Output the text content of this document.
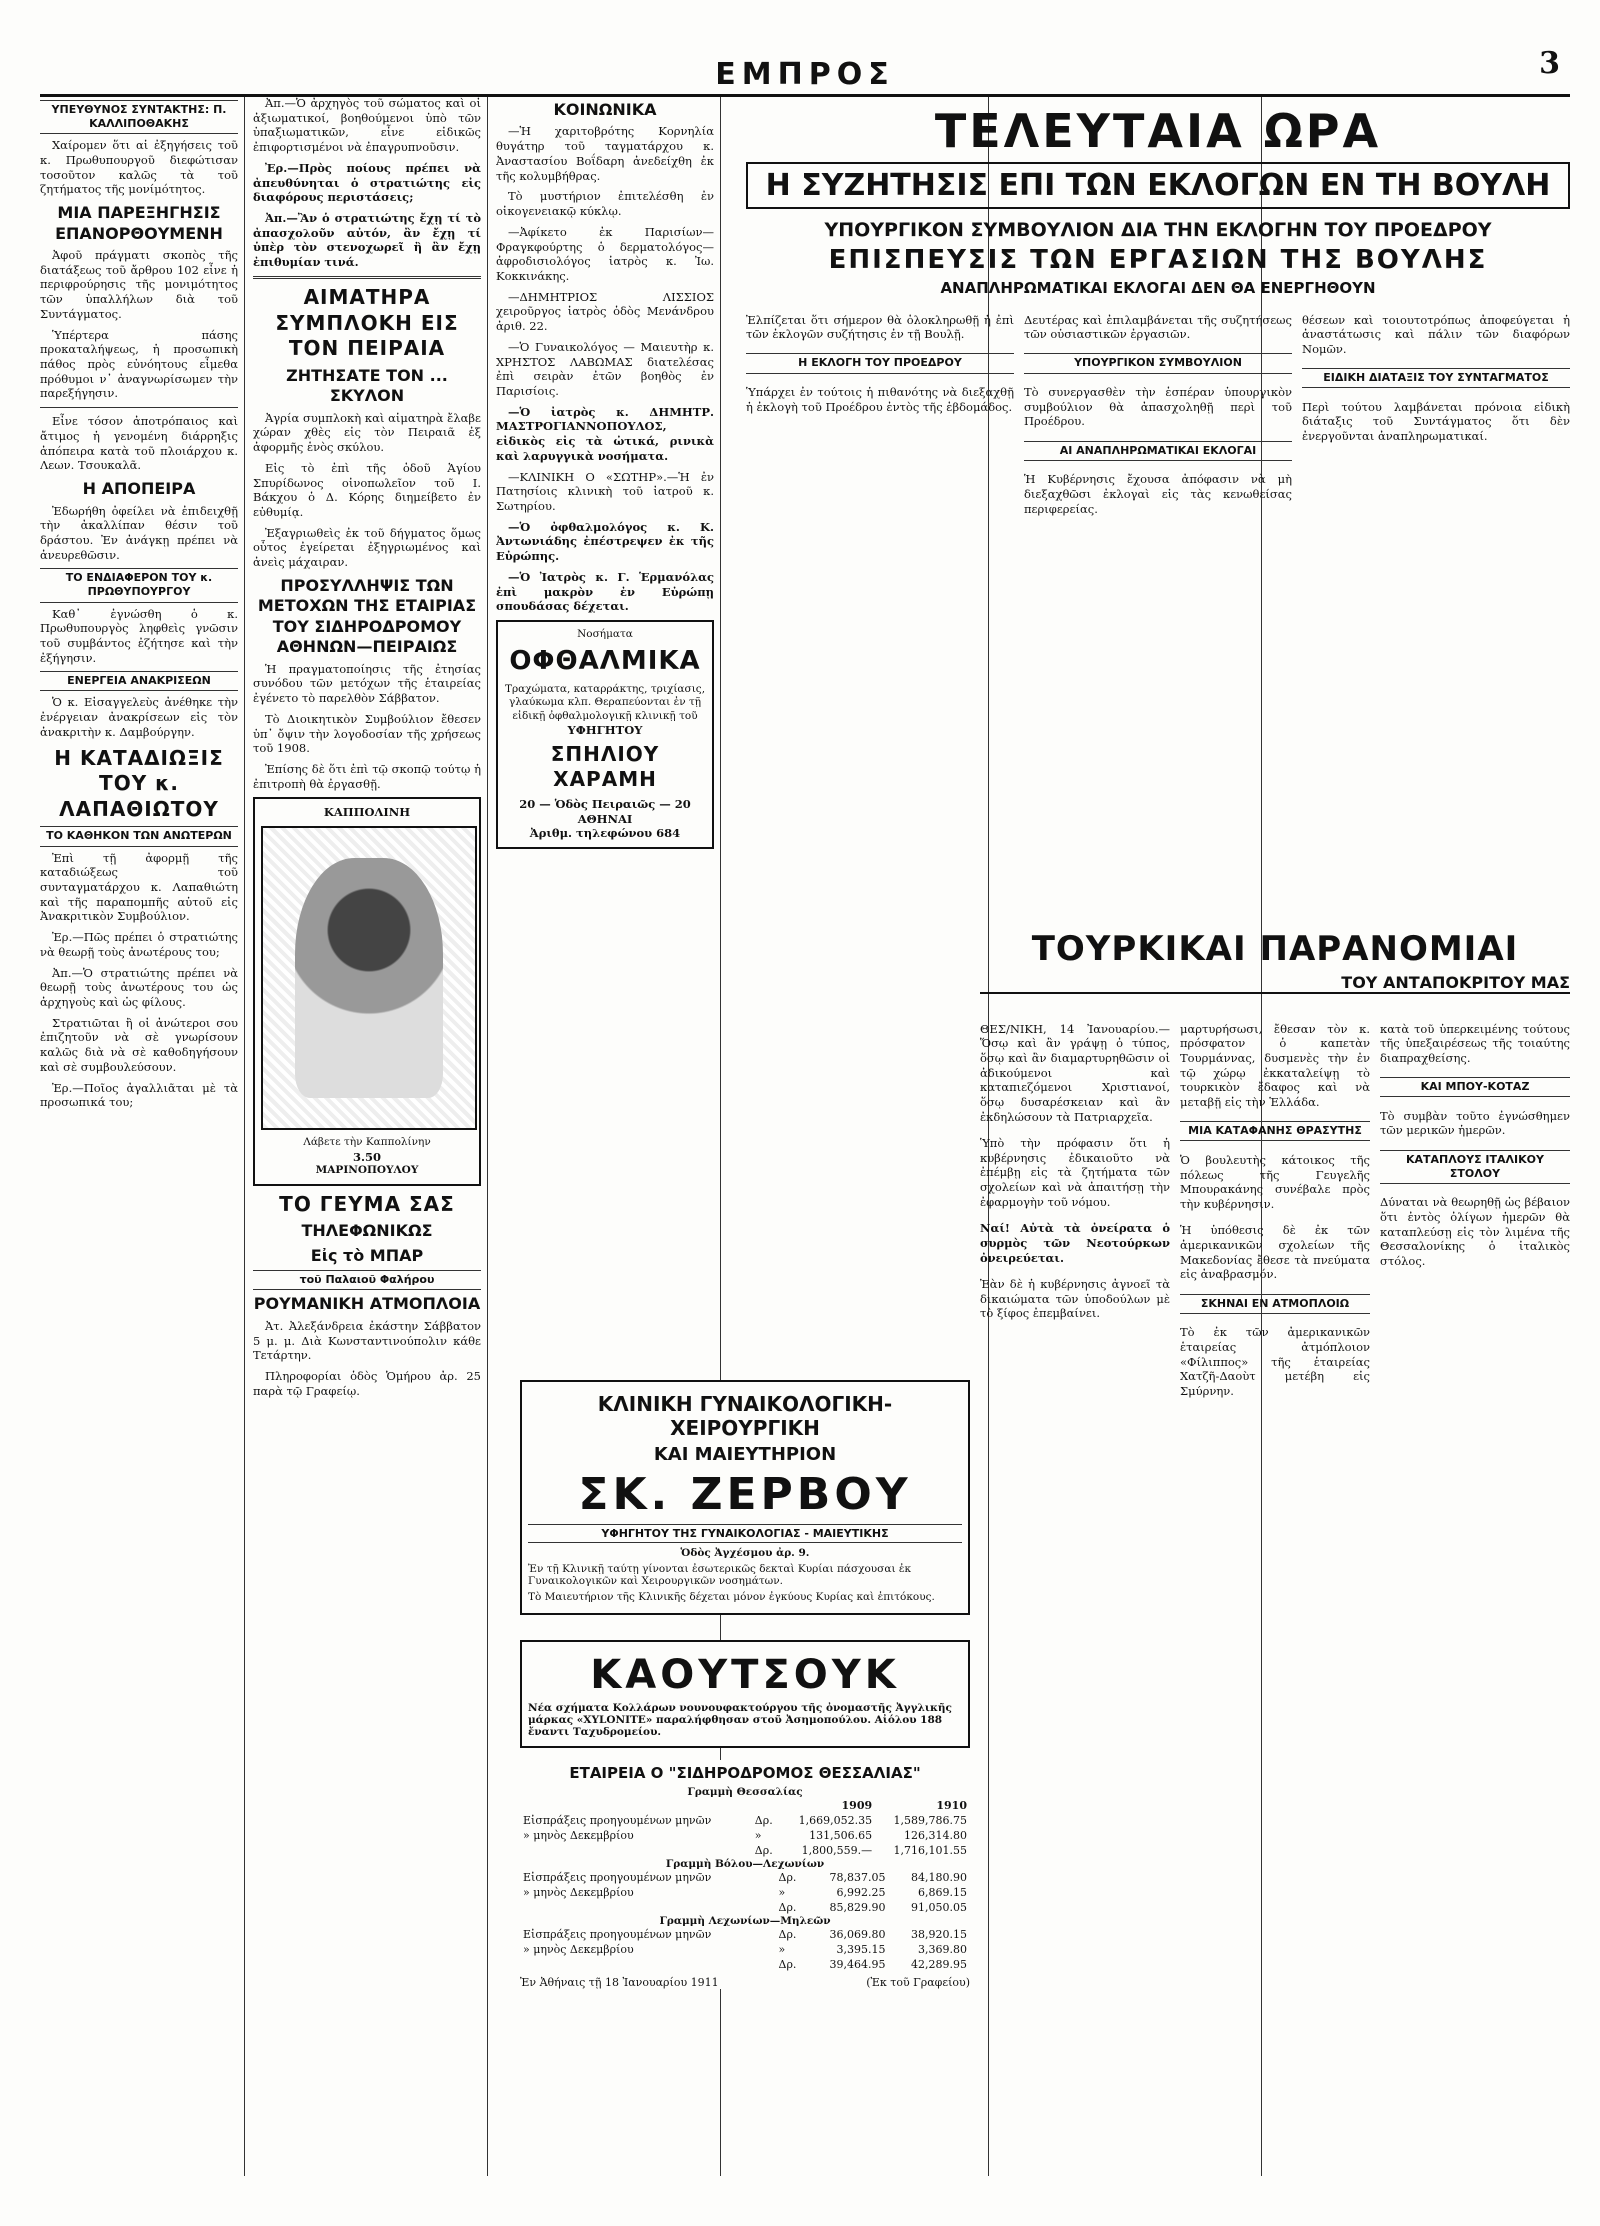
ΕΜΠΡΟΣ	3
ΥΠΕΥΘΥΝΟΣ ΣΥΝΤΑΚΤΗΣ: Π. ΚΑΛΛΙΠΟΘΑΚΗΣ

Χαίρομεν ὅτι αἱ ἐξηγήσεις τοῦ κ. Πρωθυπουργοῦ διεφώτισαν τοσοῦτον καλῶς τὰ τοῦ ζητήματος τῆς μονίμότητος.

ΜΙΑ ΠΑΡΕΞΗΓΗΣΙΣ ΕΠΑΝΟΡΘΟΥΜΕΝΗ

Ἀφοῦ πράγματι σκοπὸς τῆς διατάξεως τοῦ ἄρθρου 102 εἶνε ἡ περιφρούρησις τῆς μονιμότητος τῶν ὑπαλλήλων διὰ τοῦ Συντάγματος.

Ὑπέρτερα πάσης προκαταλήψεως, ἡ προσωπικὴ πάθος πρὸς εὐνόητους εἶμεθα πρόθυμοι ν᾽ ἀναγνωρίσωμεν τὴν παρεξήγησιν.

Εἶνε τόσον ἀποτρόπαιος καὶ ἄτιμος ἡ γενομένη διάρρηξις ἀπόπειρα κατὰ τοῦ πλοιάρχου κ. Λεων. Τσουκαλᾶ.

Η ΑΠΟΠΕΙΡΑ

Ἐδωρήθη ὀφείλει νὰ ἐπιδειχθῇ τὴν ἀκαλλίπαν θέσιν τοῦ δράστου. Ἐν ἀνάγκῃ πρέπει νὰ ἀνευρεθῶσιν.

ΤΟ ΕΝΔΙΑΦΕΡΟΝ ΤΟΥ κ. ΠΡΩΘΥΠΟΥΡΓΟΥ

Καθ᾽ ἐγνώσθη ὁ κ. Πρωθυπουργὸς ληφθεὶς γνῶσιν τοῦ συμβάντος ἐζήτησε καὶ τὴν ἐξήγησιν.

ΕΝΕΡΓΕΙΑ ΑΝΑΚΡΙΣΕΩΝ

Ὁ κ. Εἰσαγγελεὺς ἀνέθηκε τὴν ἐνέργειαν ἀνακρίσεων εἰς τὸν ἀνακριτὴν κ. Δαμβούργην.

Η ΚΑΤΑΔΙΩΞΙΣ ΤΟΥ κ. ΛΑΠΑΘΙΩΤΟΥ
ΤΟ ΚΑΘΗΚΟΝ ΤΩΝ ΑΝΩΤΕΡΩΝ

Ἐπὶ τῇ ἀφορμῇ τῆς καταδιώξεως τοῦ συνταγματάρχου κ. Λαπαθιώτη καὶ τῆς παραπομπῆς αὐτοῦ εἰς Ἀνακριτικὸν Συμβούλιον.

Ἐρ.—Πῶς πρέπει ὁ στρατιώτης νὰ θεωρῇ τοὺς ἀνωτέρους του;

Ἀπ.—Ὁ στρατιώτης πρέπει νὰ θεωρῇ τοὺς ἀνωτέρους του ὡς ἀρχηγοὺς καὶ ὡς φίλους.

Στρατιῶται ἢ οἱ ἀνώτεροι σου ἐπιζητοῦν νὰ σὲ γνωρίσουν καλῶς διὰ νὰ σὲ καθοδηγήσουν καὶ σὲ συμβουλεύσουν.

Ἐρ.—Ποῖος ἀγαλλιᾶται μὲ τὰ προσωπικά του;

Ἀπ.—Ὁ ἀρχηγὸς τοῦ σώματος καὶ οἱ ἀξιωματικοί, βοηθούμενοι ὑπὸ τῶν ὑπαξιωματικῶν, εἶνε εἰδικῶς ἐπιφορτισμένοι νὰ ἐπαγρυπνοῦσιν.

Ἐρ.—Πρὸς ποίους πρέπει νὰ ἀπευθύνηται ὁ στρατιώτης εἰς διαφόρους περιστάσεις;

Ἀπ.—Ἂν ὁ στρατιώτης ἔχῃ τί τὸ ἀπασχολοῦν αὐτόν, ἂν ἔχῃ τί ὑπὲρ τὸν στενοχωρεῖ ἢ ἂν ἔχῃ ἐπιθυμίαν τινά.

ΑΙΜΑΤΗΡΑ ΣΥΜΠΛΟΚΗ ΕΙΣ ΤΟΝ ΠΕΙΡΑΙΑ
ΖΗΤΗΣΑΤΕ ΤΟΝ ... ΣΚΥΛΟΝ

Ἀγρία συμπλοκὴ καὶ αἱματηρὰ ἔλαβε χώραν χθὲς εἰς τὸν Πειραιᾶ ἐξ ἀφορμῆς ἑνὸς σκύλου.

Εἰς τὸ ἐπὶ τῆς ὁδοῦ Ἁγίου Σπυρίδωνος οἰνοπωλεῖον τοῦ Ι. Βάκχου ὁ Δ. Κόρης διημείβετο ἐν εὐθυμίᾳ.

Ἐξαγριωθεὶς ἐκ τοῦ δήγματος ὅμως οὗτος ἐγείρεται ἐξηγριωμένος καὶ ἀνεὶς μάχαιραν.

ΠΡΟΣΥΛΛΗΨΙΣ ΤΩΝ ΜΕΤΟΧΩΝ ΤΗΣ ΕΤΑΙΡΙΑΣ ΤΟΥ ΣΙΔΗΡΟΔΡΟΜΟΥ ΑΘΗΝΩΝ—ΠΕΙΡΑΙΩΣ

Ἡ πραγματοποίησις τῆς ἐτησίας συνόδου τῶν μετόχων τῆς ἑταιρείας ἐγένετο τὸ παρελθὸν Σάββατον.

Τὸ Διοικητικὸν Συμβούλιον ἔθεσεν ὑπ᾽ ὄψιν τὴν λογοδοσίαν τῆς χρήσεως τοῦ 1908.

Ἐπίσης δὲ ὅτι ἐπὶ τῷ σκοπῷ τούτῳ ἡ ἐπιτροπὴ θὰ ἐργασθῇ.

ΚΑΠΠΟΛΙΝΗ
Λάβετε τὴν Καππολίνην
3.50
ΜΑΡΙΝΟΠΟΥΛΟΥ
ΤΟ ΓΕΥΜΑ ΣΑΣ
ΤΗΛΕΦΩΝΙΚΩΣ
Εἰς τὸ ΜΠΑΡ
τοῦ Παλαιοῦ Φαλήρου
ΡΟΥΜΑΝΙΚΗ ΑΤΜΟΠΛΟΙΑ

Ἀτ. Ἀλεξάνδρεια ἐκάστην Σάββατον 5 μ. μ. Διὰ Κωνσταντινούπολιν κάθε Τετάρτην.

Πληροφορίαι ὁδὸς Ὁμήρου ἀρ. 25 παρὰ τῷ Γραφείῳ.

ΚΟΙΝΩΝΙΚΑ

—Ἡ χαριτοβρότης Κορνηλία θυγάτηρ τοῦ ταγματάρχου κ. Ἀναστασίου Βοΐδαρη ἀνεδείχθη ἐκ τῆς κολυμβήθρας.

Τὸ μυστήριον ἐπιτελέσθη ἐν οἰκογενειακῷ κύκλῳ.

—Ἀφίκετο ἐκ Παρισίων—Φραγκφούρτης ὁ δερματολόγος—ἀφροδισιολόγος ἰατρὸς κ. Ἰω. Κοκκινάκης.

—ΔΗΜΗΤΡΙΟΣ ΛΙΣΣΙΟΣ χειροῦργος ἰατρὸς ὁδὸς Μενάνδρου ἀριθ. 22.

—Ὁ Γυναικολόγος — Μαιευτὴρ κ. ΧΡΗΣΤΟΣ ΛΑΒΩΜΑΣ διατελέσας ἐπὶ σειρὰν ἐτῶν βοηθὸς ἐν Παρισίοις.

—Ὁ ἰατρὸς κ. ΔΗΜΗΤΡ. ΜΑΣΤΡΟΓΙΑΝΝΟΠΟΥΛΟΣ, εἰδικὸς εἰς τὰ ὠτικά, ρινικὰ καὶ λαρυγγικὰ νοσήματα.

—ΚΛΙΝΙΚΗ Ο «ΣΩΤΗΡ».—Ἡ ἐν Πατησίοις κλινικὴ τοῦ ἰατροῦ κ. Σωτηρίου.

—Ὁ ὀφθαλμολόγος κ. Κ. Ἀντωνιάδης ἐπέστρεψεν ἐκ τῆς Εὐρώπης.

—Ὁ Ἰατρὸς κ. Γ. Ἑρμανόλας ἐπὶ μακρὸν ἐν Εὐρώπῃ σπουδάσας δέχεται.

Νοσήματα
ΟΦΘΑΛΜΙΚΑ
Τραχώματα, καταρράκτης, τριχίασις, γλαύκωμα κλπ. Θεραπεύονται ἐν τῇ εἰδικῇ ὀφθαλμολογικῇ κλινικῇ τοῦ
ΥΦΗΓΗΤΟΥ
ΣΠΗΛΙΟΥ ΧΑΡΑΜΗ
20 — Ὁδὸς Πειραιῶς — 20
ΑΘΗΝΑΙ
Ἀριθμ. τηλεφώνου 684
ΤΕΛΕΥΤΑΙΑ ΩΡΑ
Η ΣΥΖΗΤΗΣΙΣ ΕΠΙ ΤΩΝ ΕΚΛΟΓΩΝ ΕΝ ΤΗ ΒΟΥΛΗ
ΥΠΟΥΡΓΙΚΟΝ ΣΥΜΒΟΥΛΙΟΝ ΔΙΑ ΤΗΝ ΕΚΛΟΓΗΝ ΤΟΥ ΠΡΟΕΔΡΟΥ
ΕΠΙΣΠΕΥΣΙΣ ΤΩΝ ΕΡΓΑΣΙΩΝ ΤΗΣ ΒΟΥΛΗΣ
ΑΝΑΠΛΗΡΩΜΑΤΙΚΑΙ ΕΚΛΟΓΑΙ ΔΕΝ ΘΑ ΕΝΕΡΓΗΘΟΥΝ

Ἐλπίζεται ὅτι σήμερον θὰ ὁλοκληρωθῇ ἡ ἐπὶ τῶν ἐκλογῶν συζήτησις ἐν τῇ Βουλῇ.

Η ΕΚΛΟΓΗ ΤΟΥ ΠΡΟΕΔΡΟΥ

Ὑπάρχει ἐν τούτοις ἡ πιθανότης νὰ διεξαχθῇ ἡ ἐκλογὴ τοῦ Προέδρου ἐντὸς τῆς ἑβδομάδος.

Δευτέρας καὶ ἐπιλαμβάνεται τῆς συζητήσεως τῶν οὐσιαστικῶν ἐργασιῶν.

ΥΠΟΥΡΓΙΚΟΝ ΣΥΜΒΟΥΛΙΟΝ

Τὸ συνεργασθὲν τὴν ἑσπέραν ὑπουργικὸν συμβούλιον θὰ ἀπασχοληθῇ περὶ τοῦ Προέδρου.

ΑΙ ΑΝΑΠΛΗΡΩΜΑΤΙΚΑΙ ΕΚΛΟΓΑΙ

Ἡ Κυβέρνησις ἔχουσα ἀπόφασιν νὰ μὴ διεξαχθῶσι ἐκλογαὶ εἰς τὰς κενωθείσας περιφερείας.

θέσεων καὶ τοιουτοτρόπως ἀποφεύγεται ἡ ἀναστάτωσις καὶ πάλιν τῶν διαφόρων Νομῶν.

ΕΙΔΙΚΗ ΔΙΑΤΑΞΙΣ ΤΟΥ ΣΥΝΤΑΓΜΑΤΟΣ

Περὶ τούτου λαμβάνεται πρόνοια εἰδικὴ διάταξις τοῦ Συντάγματος ὅτι δὲν ἐνεργοῦνται ἀναπληρωματικαί.

ΤΟΥΡΚΙΚΑΙ ΠΑΡΑΝΟΜΙΑΙ
ΤΟΥ ΑΝΤΑΠΟΚΡΙΤΟΥ ΜΑΣ

ΘΕΣ/ΝΙΚΗ, 14 Ἰανουαρίου.—Ὅσῳ καὶ ἂν γράψῃ ὁ τύπος, ὅσῳ καὶ ἂν διαμαρτυρηθῶσιν οἱ ἀδικούμενοι καὶ καταπιεζόμενοι Χριστιανοί, ὅσῳ δυσαρέσκειαν καὶ ἂν ἐκδηλώσουν τὰ Πατριαρχεῖα.

Ὑπὸ τὴν πρόφασιν ὅτι ἡ κυβέρνησις ἐδικαιοῦτο νὰ ἐπέμβῃ εἰς τὰ ζητήματα τῶν σχολείων καὶ νὰ ἀπαιτήσῃ τὴν ἐφαρμογὴν τοῦ νόμου.

Ναί! Αὐτὰ τὰ ὀνείρατα ὁ συρμὸς τῶν Νεοτούρκων ὀνειρεύεται.

Ἐὰν δὲ ἡ κυβέρνησις ἀγνοεῖ τὰ δικαιώματα τῶν ὑποδούλων μὲ τὸ ξίφος ἐπεμβαίνει.

μαρτυρήσωσι, ἔθεσαν τὸν κ. πρόσφατον ὁ καπετὰν Τουρμάννας, δυσμενὲς τὴν ἐν τῷ χώρῳ ἐκκαταλείψῃ τὸ τουρκικὸν ἔδαφος καὶ νὰ μεταβῇ εἰς τὴν Ἑλλάδα.

ΜΙΑ ΚΑΤΑΦΑΝΗΣ ΘΡΑΣΥΤΗΣ

Ὁ βουλευτὴς κάτοικος τῆς πόλεως τῆς Γευγελῆς Μπουρακάνης συνέβαλε πρὸς τὴν κυβέρνησιν.

Ἡ ὑπόθεσις δὲ ἐκ τῶν ἀμερικανικῶν σχολείων τῆς Μακεδονίας ἔθεσε τὰ πνεύματα εἰς ἀναβρασμόν.

ΣΚΗΝΑΙ ΕΝ ΑΤΜΟΠΛΟΙΩ

Τὸ ἐκ τῶν ἀμερικανικῶν ἑταιρείας ἀτμόπλοιον «Φίλιππος» τῆς ἑταιρείας Χατζῆ-Δαοὺτ μετέβη εἰς Σμύρνην.

κατὰ τοῦ ὑπερκειμένης τούτους τῆς ὑπεξαιρέσεως τῆς τοιαύτης διαπραχθείσης.

ΚΑΙ ΜΠΟΥ-ΚΟΤΑΖ

Τὸ συμβὰν τοῦτο ἐγνώσθημεν τῶν μερικῶν ἡμερῶν.

ΚΑΤΑΠΛΟΥΣ ΙΤΑΛΙΚΟΥ ΣΤΟΛΟΥ

Δύναται νὰ θεωρηθῇ ὡς βέβαιον ὅτι ἐντὸς ὀλίγων ἡμερῶν θὰ καταπλεύσῃ εἰς τὸν λιμένα τῆς Θεσσαλονίκης ὁ ἰταλικὸς στόλος.

ΚΛΙΝΙΚΗ ΓΥΝΑΙΚΟΛΟΓΙΚΗ-ΧΕΙΡΟΥΡΓΙΚΗ
ΚΑΙ ΜΑΙΕΥΤΗΡΙΟΝ
ΣΚ. ΖΕΡΒΟΥ
ΥΦΗΓΗΤΟΥ ΤΗΣ ΓΥΝΑΙΚΟΛΟΓΙΑΣ - ΜΑΙΕΥΤΙΚΗΣ
Ὁδὸς Ἀγχέσμου ἀρ. 9.

Ἐν τῇ Κλινικῇ ταύτῃ γίνονται ἐσωτερικῶς δεκταὶ Κυρίαι πάσχουσαι ἐκ Γυναικολογικῶν καὶ Χειρουργικῶν νοσημάτων.

Τὸ Μαιευτήριον τῆς Κλινικῆς δέχεται μόνον ἐγκύους Κυρίας καὶ ἐπιτόκους.

ΚΑΟΥΤΣΟΥΚ

Νέα σχήματα Κολλάρων νουνουφακτούργου τῆς ὀνομαστῆς Ἀγγλικῆς μάρκας «XYLONITE» παραλήφθησαν στοῦ Ἀσημοπούλου. Αἰόλου 188 ἔναντι Ταχυδρομείου.

ΕΤΑΙΡΕΙΑ Ο "ΣΙΔΗΡΟΔΡΟΜΟΣ ΘΕΣΣΑΛΙΑΣ"
Γραμμὴ Θεσσαλίας
		1909	1910
Εἰσπράξεις προηγουμένων μηνῶν	Δρ.	1,669,052.35	1,589,786.75
» μηνὸς Δεκεμβρίου	»	131,506.65	126,314.80
	Δρ.	1,800,559.—	1,716,101.55
Γραμμὴ Βόλου—Λεχωνίων
Εἰσπράξεις προηγουμένων μηνῶν	Δρ.	78,837.05	84,180.90
» μηνὸς Δεκεμβρίου	»	6,992.25	6,869.15
	Δρ.	85,829.90	91,050.05
Γραμμὴ Λεχωνίων—Μηλεῶν
Εἰσπράξεις προηγουμένων μηνῶν	Δρ.	36,069.80	38,920.15
» μηνὸς Δεκεμβρίου	»	3,395.15	3,369.80
	Δρ.	39,464.95	42,289.95
Ἐν Ἀθήναις τῇ 18 Ἰανουαρίου 1911	(Ἐκ τοῦ Γραφείου)
